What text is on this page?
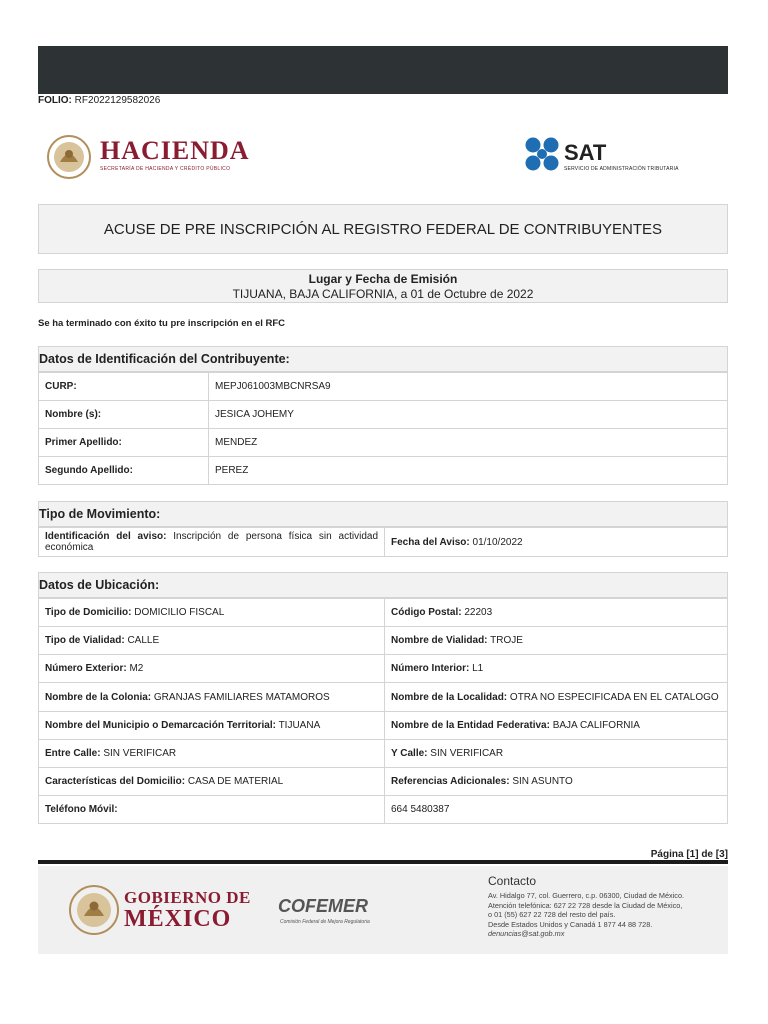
FOLIO: RF2022129582026
HACIENDA
SECRETARÍA DE HACIENDA Y CRÉDITO PÚBLICO
SAT
SERVICIO DE ADMINISTRACIÓN TRIBUTARIA
ACUSE DE PRE INSCRIPCIÓN AL REGISTRO FEDERAL DE CONTRIBUYENTES
Lugar y Fecha de Emisión
TIJUANA, BAJA CALIFORNIA, a 01 de Octubre de 2022
Se ha terminado con éxito tu pre inscripción en el RFC
Datos de Identificación del Contribuyente:
CURP:	MEPJ061003MBCNRSA9
Nombre (s):	JESICA JOHEMY
Primer Apellido:	MENDEZ
Segundo Apellido:	PEREZ
Tipo de Movimiento:
Identificación del aviso: Inscripción de persona física sin actividad económica	Fecha del Aviso: 01/10/2022
Datos de Ubicación:
Tipo de Domicilio: DOMICILIO FISCAL	Código Postal: 22203
Tipo de Vialidad: CALLE	Nombre de Vialidad: TROJE
Número Exterior: M2	Número Interior: L1
Nombre de la Colonia: GRANJAS FAMILIARES MATAMOROS	Nombre de la Localidad: OTRA NO ESPECIFICADA EN EL CATALOGO
Nombre del Municipio o Demarcación Territorial: TIJUANA	Nombre de la Entidad Federativa: BAJA CALIFORNIA
Entre Calle: SIN VERIFICAR	Y Calle: SIN VERIFICAR
Características del Domicilio: CASA DE MATERIAL	Referencias Adicionales: SIN ASUNTO
Teléfono Móvil:	664 5480387
Página [1] de [3]
GOBIERNO DE
MÉXICO	COFEMER
Comisión Federal de Mejora Regulatoria
Contacto
Av. Hidalgo 77, col. Guerrero, c.p. 06300, Ciudad de México.
Atención telefónica: 627 22 728 desde la Ciudad de México,
o 01 (55) 627 22 728 del resto del país.
Desde Estados Unidos y Canadá 1 877 44 88 728.
denuncias@sat.gob.mx
